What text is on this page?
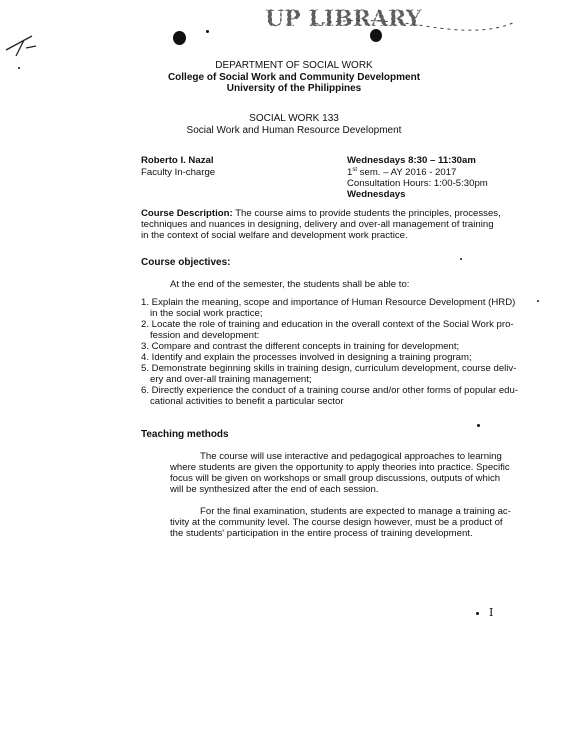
UP LIBRARY
DEPARTMENT OF SOCIAL WORK
College of Social Work and Community Development
University of the Philippines
SOCIAL WORK 133
Social Work and Human Resource Development
Roberto I. Nazal
Faculty In-charge
Wednesdays 8:30 – 11:30am
1st sem. – AY 2016 - 2017
Consultation Hours: 1:00-5:30pm
Wednesdays
Course Description: The course aims to provide students the principles, processes,
techniques and nuances in designing, delivery and over-all management of training
in the context of social welfare and development work practice.
Course objectives:
At the end of the semester, the students shall be able to:
1. Explain the meaning, scope and importance of Human Resource Development (HRD)
in the social work practice;
2. Locate the role of training and education in the overall context of the Social Work pro-
fession and development:
3. Compare and contrast the different concepts in training for development;
4. Identify and explain the processes involved in designing a training program;
5. Demonstrate beginning skills in training design, curriculum development, course deliv-
ery and over-all training management;
6. Directly experience the conduct of a training course and/or other forms of popular edu-
cational activities to benefit a particular sector
Teaching methods
The course will use interactive and pedagogical approaches to learning
where students are given the opportunity to apply theories into practice. Specific
focus will be given on workshops or small group discussions, outputs of which
will be synthesized after the end of each session.
For the final examination, students are expected to manage a training ac-
tivity at the community level. The course design however, must be a product of
the students' participation in the entire process of training development.
I
